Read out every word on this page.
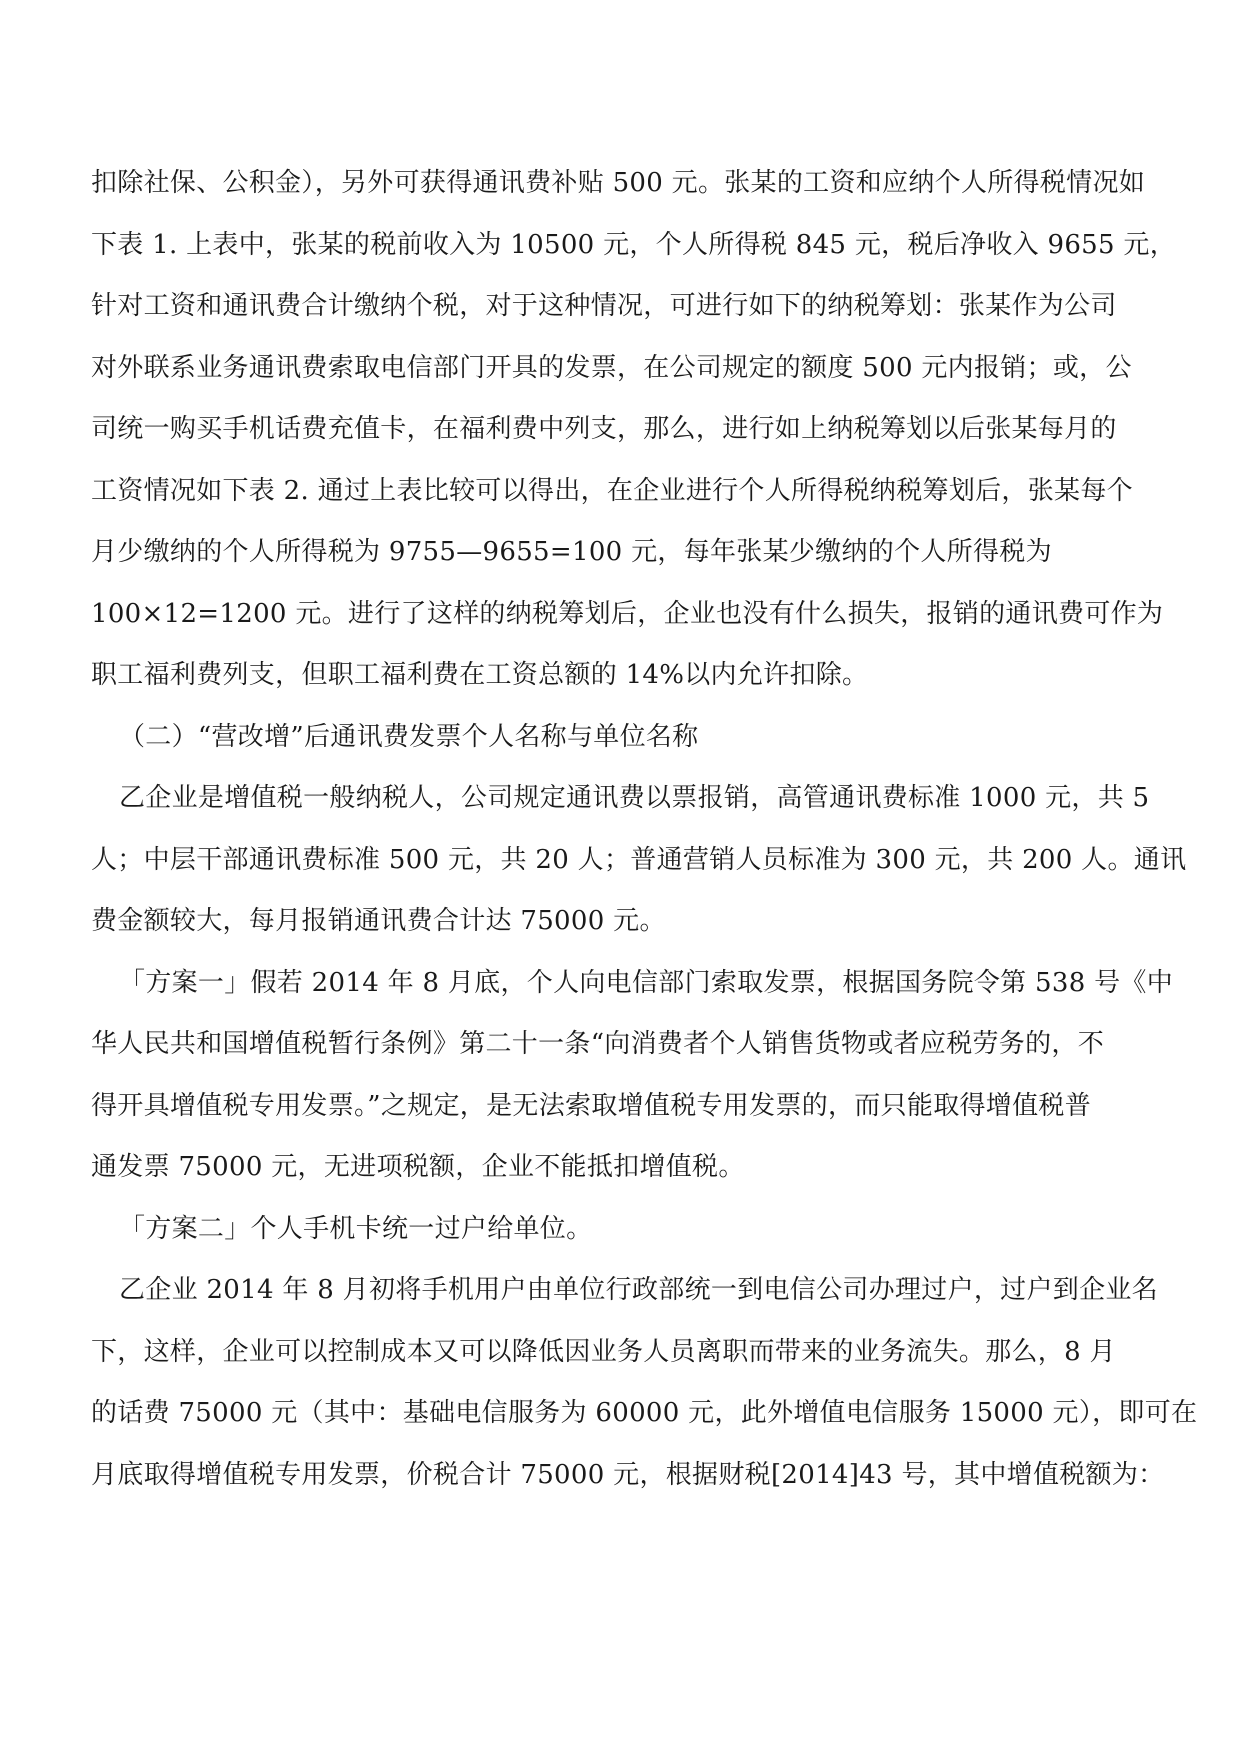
扣除社保、公积金），另外可获得通讯费补贴 500 元。张某的工资和应纳个人所得税情况如
下表 1. 上表中，张某的税前收入为 10500 元，个人所得税 845 元，税后净收入 9655 元，
针对工资和通讯费合计缴纳个税，对于这种情况，可进行如下的纳税筹划：张某作为公司
对外联系业务通讯费索取电信部门开具的发票，在公司规定的额度 500 元内报销；或，公
司统一购买手机话费充值卡，在福利费中列支，那么，进行如上纳税筹划以后张某每月的
工资情况如下表 2. 通过上表比较可以得出，在企业进行个人所得税纳税筹划后，张某每个
月少缴纳的个人所得税为 9755—9655=100 元，每年张某少缴纳的个人所得税为
100×12=1200 元。进行了这样的纳税筹划后，企业也没有什么损失，报销的通讯费可作为
职工福利费列支，但职工福利费在工资总额的 14%以内允许扣除。
（二）“营改增”后通讯费发票个人名称与单位名称
乙企业是增值税一般纳税人，公司规定通讯费以票报销，高管通讯费标准 1000 元，共 5
人；中层干部通讯费标准 500 元，共 20 人；普通营销人员标准为 300 元，共 200 人。通讯
费金额较大，每月报销通讯费合计达 75000 元。
「方案一」假若 2014 年 8 月底，个人向电信部门索取发票，根据国务院令第 538 号《中
华人民共和国增值税暂行条例》第二十一条“向消费者个人销售货物或者应税劳务的，不
得开具增值税专用发票。”之规定，是无法索取增值税专用发票的，而只能取得增值税普
通发票 75000 元，无进项税额，企业不能抵扣增值税。
「方案二」个人手机卡统一过户给单位。
乙企业 2014 年 8 月初将手机用户由单位行政部统一到电信公司办理过户，过户到企业名
下，这样，企业可以控制成本又可以降低因业务人员离职而带来的业务流失。那么，8 月
的话费 75000 元（其中：基础电信服务为 60000 元，此外增值电信服务 15000 元），即可在
月底取得增值税专用发票，价税合计 75000 元，根据财税[2014]43 号，其中增值税额为：
